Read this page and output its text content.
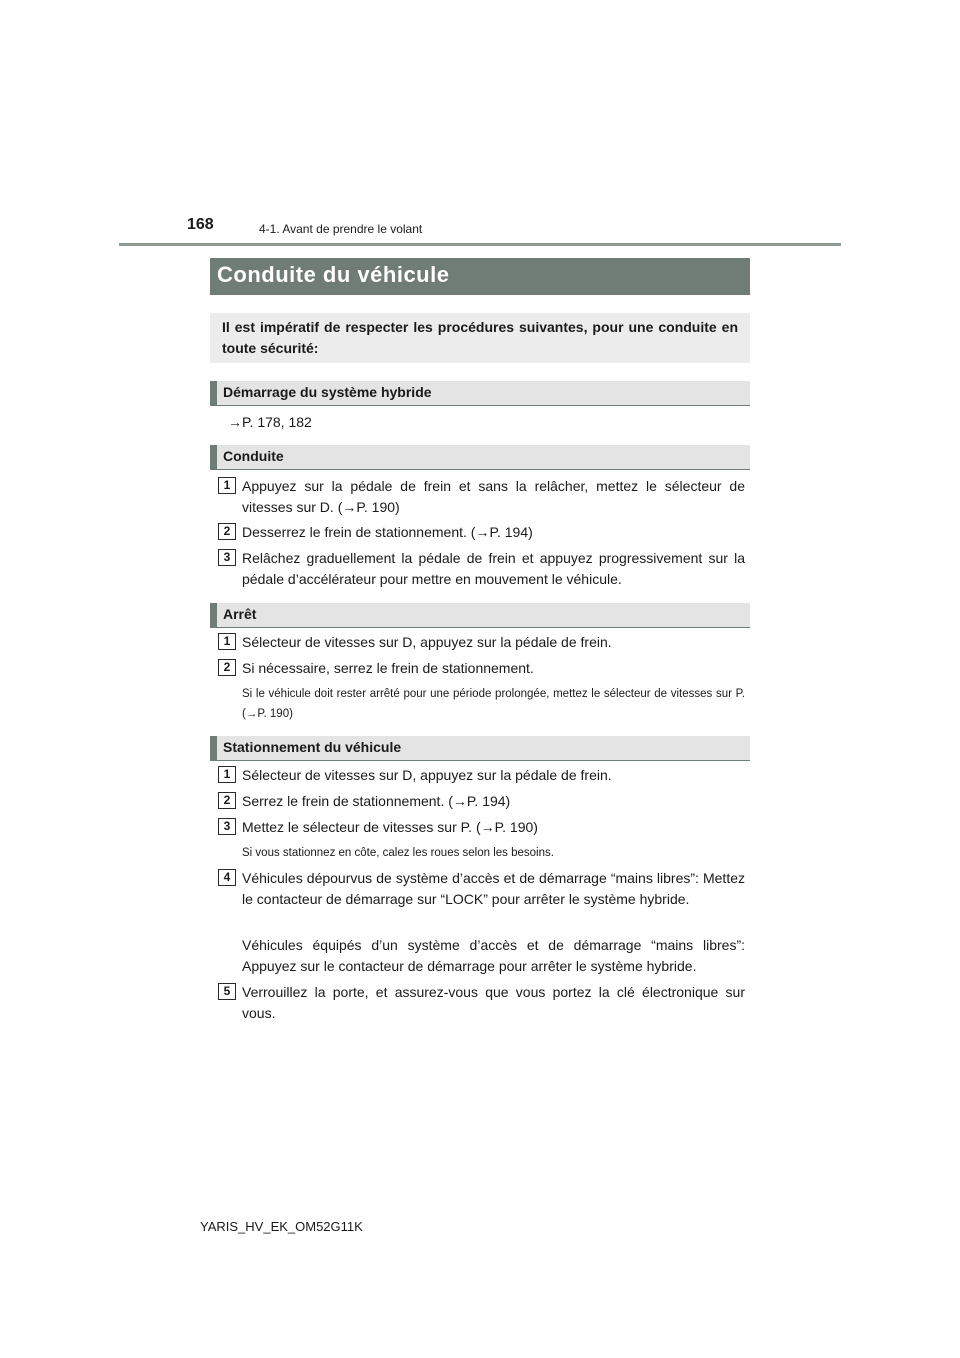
168	4-1. Avant de prendre le volant
Conduite du véhicule
Il est impératif de respecter les procédures suivantes, pour une conduite en toute sécurité:
Démarrage du système hybride
→P. 178, 182
Conduite
1 Appuyez sur la pédale de frein et sans la relâcher, mettez le sélecteur de vitesses sur D. (→P. 190)
2 Desserrez le frein de stationnement. (→P. 194)
3 Relâchez graduellement la pédale de frein et appuyez progressivement sur la pédale d’accélérateur pour mettre en mouvement le véhicule.
Arrêt
1 Sélecteur de vitesses sur D, appuyez sur la pédale de frein.
2 Si nécessaire, serrez le frein de stationnement.
Si le véhicule doit rester arrêté pour une période prolongée, mettez le sélecteur de vitesses sur P. (→P. 190)
Stationnement du véhicule
1 Sélecteur de vitesses sur D, appuyez sur la pédale de frein.
2 Serrez le frein de stationnement. (→P. 194)
3 Mettez le sélecteur de vitesses sur P. (→P. 190)
Si vous stationnez en côte, calez les roues selon les besoins.
4 Véhicules dépourvus de système d’accès et de démarrage “mains libres”: Mettez le contacteur de démarrage sur “LOCK” pour arrêter le système hybride.
Véhicules équipés d’un système d’accès et de démarrage “mains libres”: Appuyez sur le contacteur de démarrage pour arrêter le système hybride.
5 Verrouillez la porte, et assurez-vous que vous portez la clé électronique sur vous.
YARIS_HV_EK_OM52G11K
